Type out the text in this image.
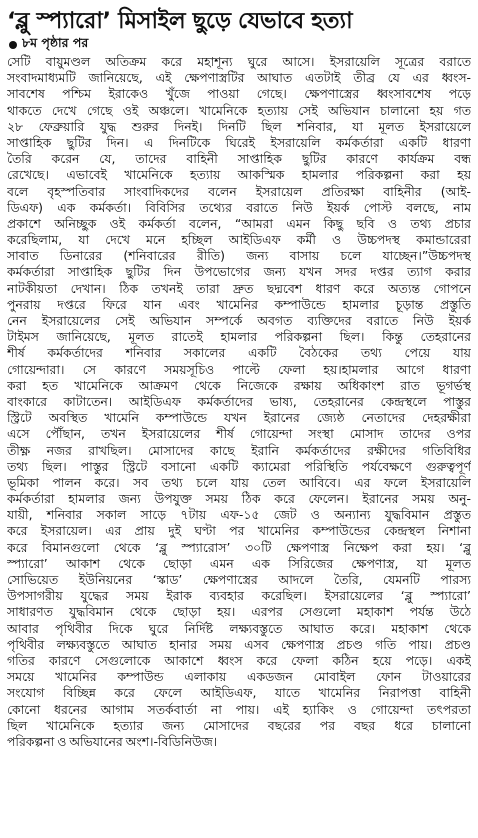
‘ব্লু স্প্যারো’ মিসাইল ছুড়ে যেভাবে হত্যা
৮ম পৃষ্ঠার পর
সেটি বায়ুমণ্ডল অতিক্রম করে মহাশূন্য ঘুরে আসে। ইসরায়েলি সূত্রের বরাতে
সংবাদমাধ্যমটি জানিয়েছে, এই ক্ষেপণাস্ত্রটির আঘাত এতটাই তীব্র যে এর ধ্বংস-
সাবশেষ পশ্চিম ইরাকেও খুঁজে পাওয়া গেছে। ক্ষেপণাস্ত্রের ধ্বংসাবশেষ পড়ে
থাকতে দেখে গেছে ওই অঞ্চলে। খামেনিকে হত্যায় সেই অভিযান চালানো হয় গত
২৮ ফেব্রুয়ারি যুদ্ধ শুরুর দিনই। দিনটি ছিল শনিবার, যা মূলত ইসরায়েলে
সাপ্তাহিক ছুটির দিন। এ দিনটিকে ঘিরেই ইসরায়েলি কর্মকর্তারা একটি ধারণা
তৈরি করেন যে, তাদের বাহিনী সাপ্তাহিক ছুটির কারণে কার্যক্রম বন্ধ
রেখেছে। এভাবেই খামেনিকে হত্যায় আকস্মিক হামলার পরিকল্পনা করা হয়
বলে বৃহস্পতিবার সাংবাদিকদের বলেন ইসরায়েল প্রতিরক্ষা বাহিনীর (আই-
ডিএফ) এক কর্মকর্তা। বিবিসির তথ্যের বরাতে নিউ ইয়র্ক পোস্ট বলছে, নাম
প্রকাশে অনিচ্ছুক ওই কর্মকর্তা বলেন, “আমরা এমন কিছু ছবি ও তথ্য প্রচার
করেছিলাম, যা দেখে মনে হচ্ছিল আইডিএফ কর্মী ও উচ্চপদস্থ কমান্ডারেরা
সাবাত ডিনারের (শনিবারের রীতি) জন্য বাসায় চলে যাচ্ছেন।”উচ্চপদস্থ
কর্মকর্তারা সাপ্তাহিক ছুটির দিন উপভোগের জন্য যখন সদর দপ্তর ত্যাগ করার
নাটকীয়তা দেখান। ঠিক তখনই তারা দ্রুত ছদ্মবেশ ধারণ করে অত্যন্ত গোপনে
পুনরায় দপ্তরে ফিরে যান এবং খামেনির কম্পাউন্ডে হামলার চূড়ান্ত প্রস্তুতি
নেন ইসরায়েলের সেই অভিযান সম্পর্কে অবগত ব্যক্তিদের বরাতে নিউ ইয়র্ক
টাইমস জানিয়েছে, মূলত রাতেই হামলার পরিকল্পনা ছিল। কিন্তু তেহরানের
শীর্ষ কর্মকর্তাদের শনিবার সকালের একটি বৈঠকের তথ্য পেয়ে যায়
গোয়েন্দারা। সে কারণে সময়সূচিও পাল্টে ফেলা হয়।হামলার আগে ধারণা
করা হত খামেনিকে আক্রমণ থেকে নিজেকে রক্ষায় অধিকাংশ রাত ভূগর্ভস্থ
বাংকারে কাটাতেন। আইডিএফ কর্মকর্তাদের ভাষ্য, তেহরানের কেন্দ্রস্থলে পাস্তুর
স্ট্রিটে অবস্থিত খামেনি কম্পাউন্ডে যখন ইরানের জ্যেষ্ঠ নেতাদের দেহরক্ষীরা
এসে পৌঁছান, তখন ইসরায়েলের শীর্ষ গোয়েন্দা সংস্থা মোসাদ তাদের ওপর
তীক্ষ্ণ নজর রাখছিল। মোসাদের কাছে ইরানি কর্মকর্তাদের রক্ষীদের গতিবিধির
তথ্য ছিল। পাস্তুর স্ট্রিটে বসানো একটি ক্যামেরা পরিস্থিতি পর্যবেক্ষণে গুরুত্বপূর্ণ
ভূমিকা পালন করে। সব তথ্য চলে যায় তেল আবিবে। এর ফলে ইসরায়েলি
কর্মকর্তারা হামলার জন্য উপযুক্ত সময় ঠিক করে ফেলেন। ইরানের সময় অনু-
যায়ী, শনিবার সকাল সাড়ে ৭টায় এফ-১৫ জেট ও অন্যান্য যুদ্ধবিমান প্রস্তুত
করে ইসরায়েল। এর প্রায় দুই ঘণ্টা পর খামেনির কম্পাউন্ডের কেন্দ্রস্থল নিশানা
করে বিমানগুলো থেকে ‘ব্লু স্প্যারোস’ ৩০টি ক্ষেপণাস্ত্র নিক্ষেপ করা হয়। ‘ব্লু
স্প্যারো’ আকাশ থেকে ছোড়া এমন এক সিরিজের ক্ষেপণাস্ত্র, যা মূলত
সোভিয়েত ইউনিয়নের ‘স্কাড’ ক্ষেপণাস্ত্রের আদলে তৈরি, যেমনটি পারস্য
উপসাগরীয় যুদ্ধের সময় ইরাক ব্যবহার করেছিল। ইসরায়েলের ‘ব্লু স্প্যারো’
সাধারণত যুদ্ধবিমান থেকে ছোড়া হয়। এরপর সেগুলো মহাকাশ পর্যন্ত উঠে
আবার পৃথিবীর দিকে ঘুরে নির্দিষ্ট লক্ষ্যবস্তুতে আঘাত করে। মহাকাশ থেকে
পৃথিবীর লক্ষ্যবস্তুতে আঘাত হানার সময় এসব ক্ষেপণাস্ত্র প্রচণ্ড গতি পায়। প্রচণ্ড
গতির কারণে সেগুলোকে আকাশে ধ্বংস করে ফেলা কঠিন হয়ে পড়ে। একই
সময়ে খামেনির কম্পাউন্ড এলাকায় একডজন মোবাইল ফোন টাওয়ারের
সংযোগ বিচ্ছিন্ন করে ফেলে আইডিএফ, যাতে খামেনির নিরাপত্তা বাহিনী
কোনো ধরনের আগাম সতর্কবার্তা না পায়। এই হ্যাকিং ও গোয়েন্দা তৎপরতা
ছিল খামেনিকে হত্যার জন্য মোসাদের বছরের পর বছর ধরে চালানো
পরিকল্পনা ও অভিযানের অংশ।-বিডিনিউজ।
